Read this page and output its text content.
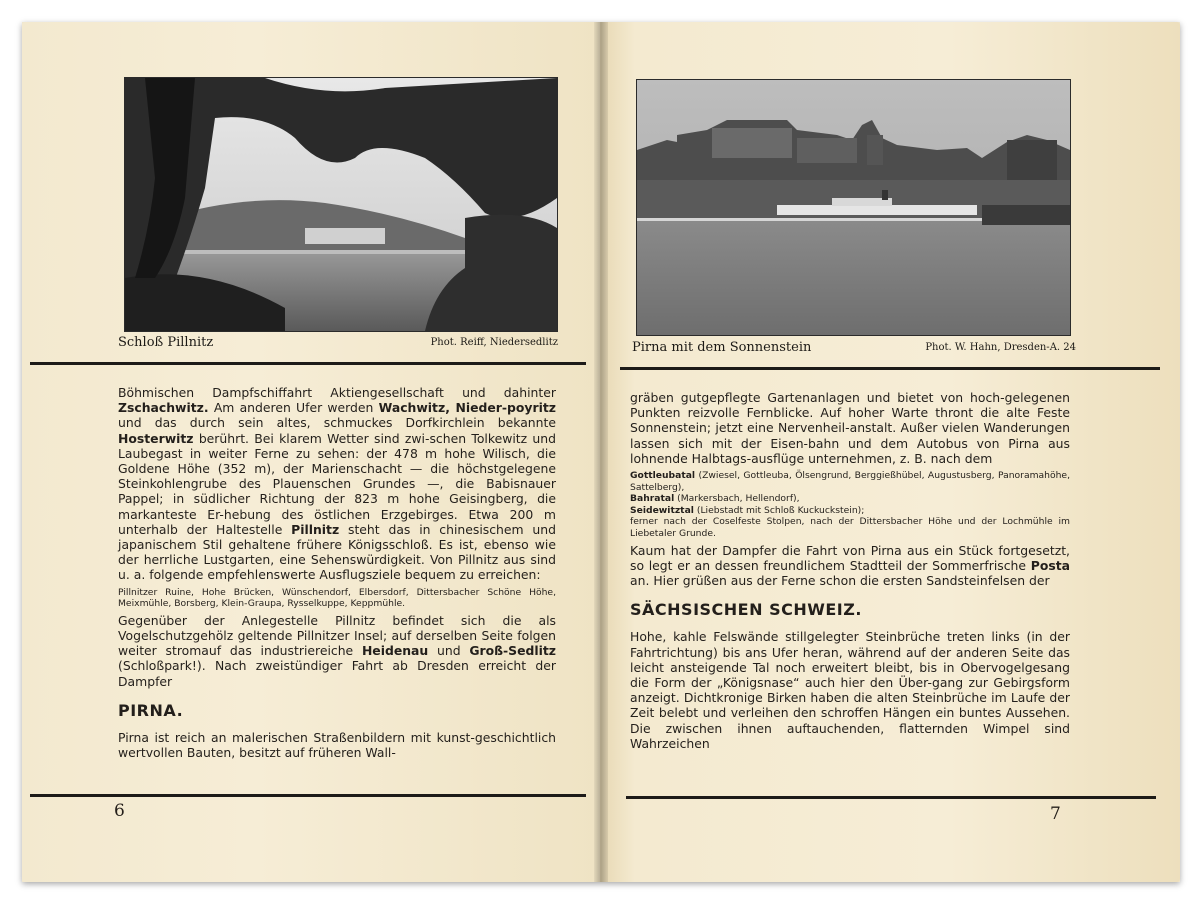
Schloß Pillnitz	Phot. Reiff, Niedersedlitz

Böhmischen Dampfschiffahrt Aktiengesellschaft und dahinter Zschachwitz. Am anderen Ufer werden Wachwitz, Nieder-poyritz und das durch sein altes, schmuckes Dorfkirchlein bekannte Hosterwitz berührt. Bei klarem Wetter sind zwi-schen Tolkewitz und Laubegast in weiter Ferne zu sehen: der 478 m hohe Wilisch, die Goldene Höhe (352 m), der Marienschacht — die höchstgelegene Steinkohlengrube des Plauenschen Grundes —, die Babisnauer Pappel; in südlicher Richtung der 823 m hohe Geisingberg, die markanteste Er-hebung des östlichen Erzgebirges. Etwa 200 m unterhalb der Haltestelle Pillnitz steht das in chinesischem und japanischem Stil gehaltene frühere Königsschloß. Es ist, ebenso wie der herrliche Lustgarten, eine Sehenswürdigkeit. Von Pillnitz aus sind u. a. folgende empfehlenswerte Ausflugsziele bequem zu erreichen:

Pillnitzer Ruine, Hohe Brücken, Wünschendorf, Elbersdorf, Dittersbacher Schöne Höhe, Meixmühle, Borsberg, Klein-Graupa, Rysselkuppe, Keppmühle.

Gegenüber der Anlegestelle Pillnitz befindet sich die als Vogelschutzgehölz geltende Pillnitzer Insel; auf derselben Seite folgen weiter stromauf das industriereiche Heidenau und Groß-Sedlitz (Schloßpark!). Nach zweistündiger Fahrt ab Dresden erreicht der Dampfer

PIRNA.

Pirna ist reich an malerischen Straßenbildern mit kunst-geschichtlich wertvollen Bauten, besitzt auf früheren Wall-

6
Pirna mit dem Sonnenstein	Phot. W. Hahn, Dresden-A. 24

gräben gutgepflegte Gartenanlagen und bietet von hoch-gelegenen Punkten reizvolle Fernblicke. Auf hoher Warte thront die alte Feste Sonnenstein; jetzt eine Nervenheil-anstalt. Außer vielen Wanderungen lassen sich mit der Eisen-bahn und dem Autobus von Pirna aus lohnende Halbtags-ausflüge unternehmen, z. B. nach dem

Gottleubatal (Zwiesel, Gottleuba, Ölsengrund, Berggießhübel, Augustusberg, Panoramahöhe, Sattelberg),
Bahratal (Markersbach, Hellendorf),
Seidewitztal (Liebstadt mit Schloß Kuckuckstein);
ferner nach der Coselfeste Stolpen, nach der Dittersbacher Höhe und der Lochmühle im Liebetaler Grunde.

Kaum hat der Dampfer die Fahrt von Pirna aus ein Stück fortgesetzt, so legt er an dessen freundlichem Stadtteil der Sommerfrische Posta an. Hier grüßen aus der Ferne schon die ersten Sandsteinfelsen der

SÄCHSISCHEN SCHWEIZ.

Hohe, kahle Felswände stillgelegter Steinbrüche treten links (in der Fahrtrichtung) bis ans Ufer heran, während auf der anderen Seite das leicht ansteigende Tal noch erweitert bleibt, bis in Obervogelgesang die Form der „Königsnase“ auch hier den Über-gang zur Gebirgsform anzeigt. Dichtkronige Birken haben die alten Steinbrüche im Laufe der Zeit belebt und verleihen den schroffen Hängen ein buntes Aussehen. Die zwischen ihnen auftauchenden, flatternden Wimpel sind Wahrzeichen

7
